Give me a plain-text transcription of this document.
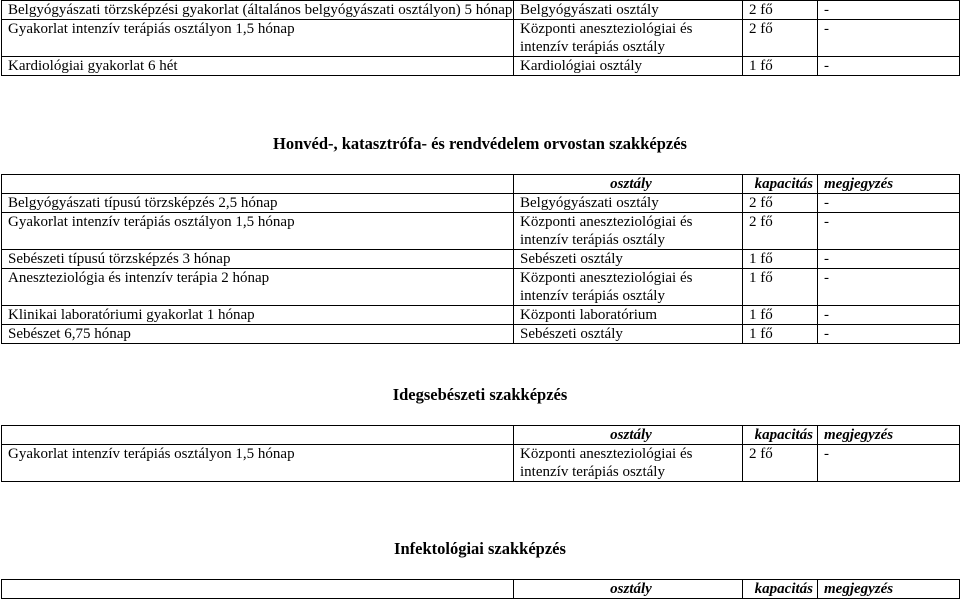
Belgyógyászati törzsképzési gyakorlat (általános belgyógyászati osztályon) 5 hónap	Belgyógyászati osztály	2 fő	-
Gyakorlat intenzív terápiás osztályon 1,5 hónap	Központi aneszteziológiai és intenzív terápiás osztály	2 fő	-
Kardiológiai gyakorlat 6 hét	Kardiológiai osztály	1 fő	-
Honvéd-, katasztrófa- és rendvédelem orvostan szakképzés
	osztály	kapacitás	megjegyzés
Belgyógyászati típusú törzsképzés 2,5 hónap	Belgyógyászati osztály	2 fő	-
Gyakorlat intenzív terápiás osztályon 1,5 hónap	Központi aneszteziológiai és intenzív terápiás osztály	2 fő	-
Sebészeti típusú törzsképzés 3 hónap	Sebészeti osztály	1 fő	-
Aneszteziológia és intenzív terápia 2 hónap	Központi aneszteziológiai és intenzív terápiás osztály	1 fő	-
Klinikai laboratóriumi gyakorlat 1 hónap	Központi laboratórium	1 fő	-
Sebészet 6,75 hónap	Sebészeti osztály	1 fő	-
Idegsebészeti szakképzés
	osztály	kapacitás	megjegyzés
Gyakorlat intenzív terápiás osztályon 1,5 hónap	Központi aneszteziológiai és intenzív terápiás osztály	2 fő	-
Infektológiai szakképzés
	osztály	kapacitás	megjegyzés
